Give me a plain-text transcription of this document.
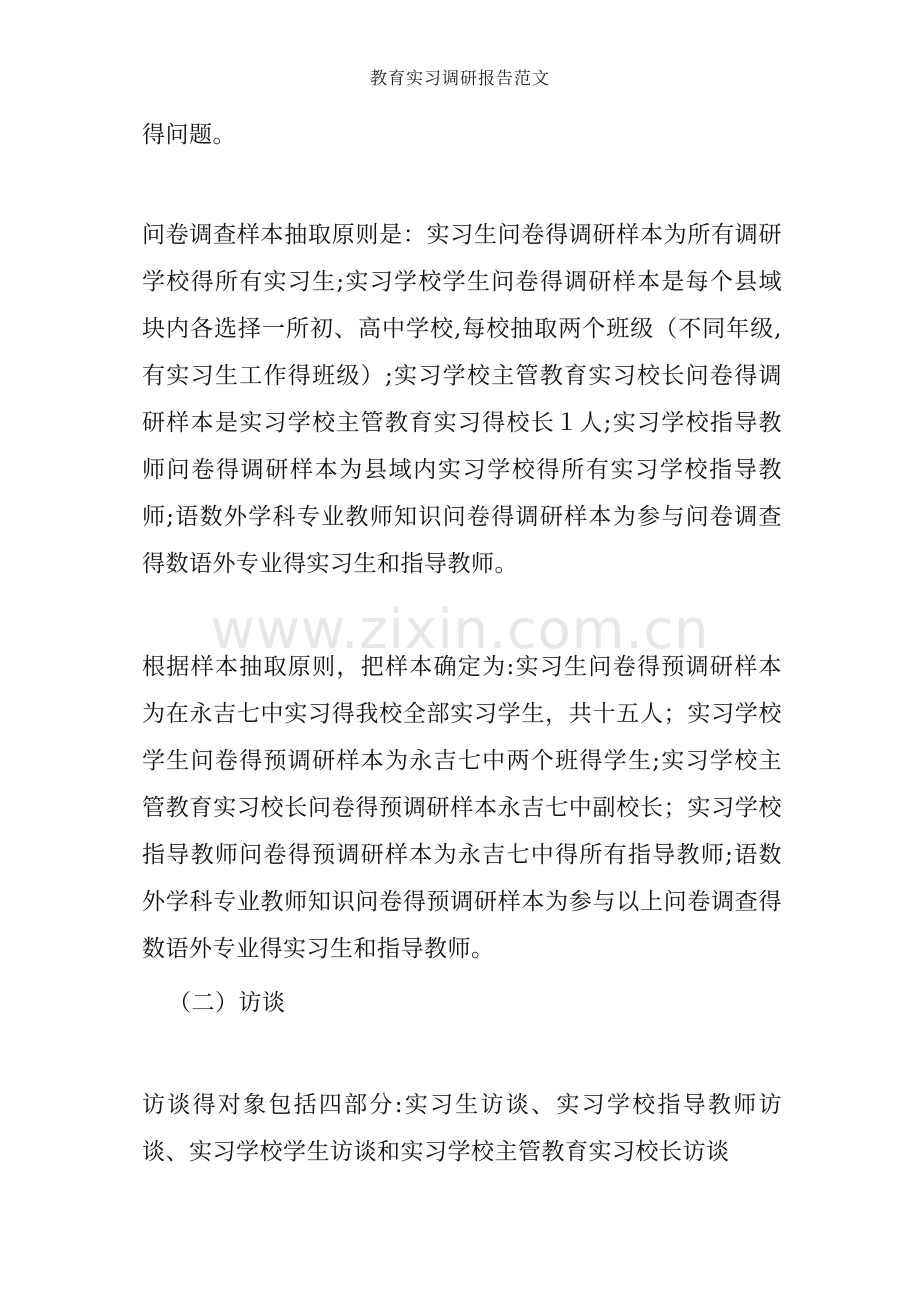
教育实习调研报告范文
www.zixin.com.cn

得问题。

问卷调查样本抽取原则是：实习生问卷得调研样本为所有调研学校得所有实习生;实习学校学生问卷得调研样本是每个县域块内各选择一所初、高中学校,每校抽取两个班级（不同年级,有实习生工作得班级）;实习学校主管教育实习校长问卷得调研样本是实习学校主管教育实习得校长１人;实习学校指导教师问卷得调研样本为县域内实习学校得所有实习学校指导教师;语数外学科专业教师知识问卷得调研样本为参与问卷调查得数语外专业得实习生和指导教师。

根据样本抽取原则，把样本确定为:实习生问卷得预调研样本为在永吉七中实习得我校全部实习学生，共十五人；实习学校学生问卷得预调研样本为永吉七中两个班得学生;实习学校主管教育实习校长问卷得预调研样本永吉七中副校长；实习学校指导教师问卷得预调研样本为永吉七中得所有指导教师;语数外学科专业教师知识问卷得预调研样本为参与以上问卷调查得数语外专业得实习生和指导教师。

（二）访谈

访谈得对象包括四部分:实习生访谈、实习学校指导教师访谈、实习学校学生访谈和实习学校主管教育实习校长访谈
